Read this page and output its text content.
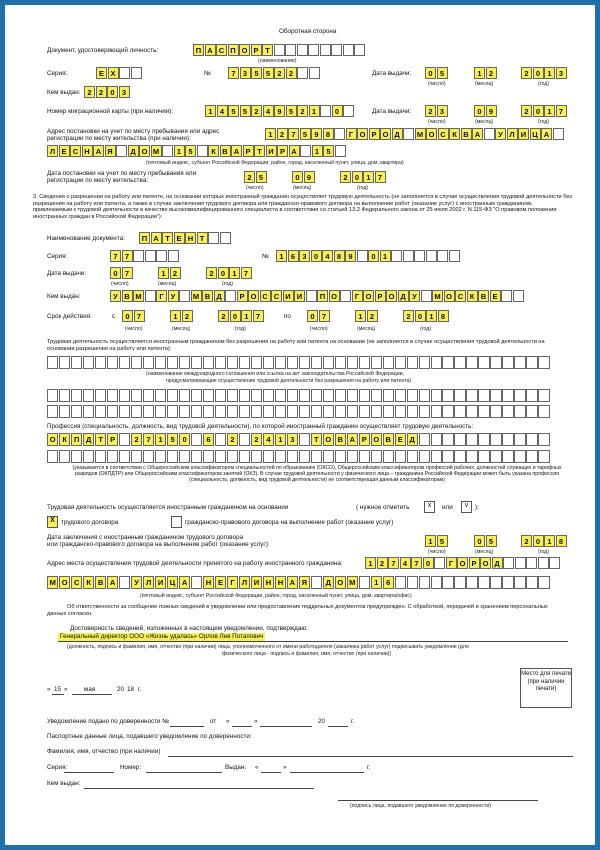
Оборотная сторона
Документ, удостоверяющий личность:	П А С П О Р Т
(наименование)
Серия:	Е Х	№	7 3 5 5 2 2	Дата выдачи:	0 5	1 2	2 0 1 3
(число)	(месяц)	(год)
Кем выдан: 2 2 0 3
Номер миграционной карты (при наличии):	1 4 5 5 2 4 9 5 2 1	0	Дата выдачи:	2 3	0 9	2 0 1 7
(число)	(месяц)	(год)
Адрес постановки на учет по месту пребывания или адрес
регистрации по месту жительства (при наличии):	1 2 7 5 9 8	Г О Р О Д	М О С К В А	У Л И Ц А
Л Е С Н А Я	Д О М	1 5	К В А Р Т И Р А	1 5
(почтовый индекс, субъект Российской Федерации, район, город, населенный пункт, улица, дом, квартира)
Дата постановки на учет по месту пребывания или
регистрации по месту жительства:	2 5	0 9	2 0 1 7
(число)	(месяц)	(год)
3. Сведения о разрешении на работу или патенте, на основании которых иностранный гражданин осуществляет трудовую деятельность (не заполняется в случае осуществления трудовой деятельности без разрешения на работу или патента, а также в случае заключения трудового договора или гражданско-правового договора на выполнение работ (оказание услуг) с иностранным гражданином, привлекаемым к трудовой деятельности в качестве высококвалифицированного специалиста в соответствии со статьей 13.2 Федерального закона от 25 июля 2002 г. N 115-ФЗ "О правовом положении иностранных граждан в Российской Федерации"):
Наименование документа:	П А Т Е Н Т
Серия:	7 7	№	1 6 3 0 4 8 9	0 1
Дата выдачи:	0 7	1 2	2 0 1 7
(число)	(месяц)	(год)
Кем выдан:	У В М	Г У	М В Д	Р О С С И И	П О	Г О Р О Д У	М О С К В Е
Срок действия:	с	0 7	1 2	2 0 1 7	по	0 7	1 2	2 0 1 8
(число)	(месяц)	(год)	(число)	(месяц)	(год)
Трудовая деятельность осуществляется иностранным гражданином без разрешения на работу или патента на основании (не заполняется в случае осуществления трудовой деятельности на основании разрешения на работу или патента):
(наименование международного соглашения или ссылка на акт законодательства Российской Федерации,
предусматривающие осуществление трудовой деятельности без разрешения на работу или патента)
Профессия (специальность, должность, вид трудовой деятельности), по которой иностранный гражданин осуществляет трудовую деятельность:
О К П Д Т Р	2	7	1	5	0	6	2	2	4	1	3	Т О В А Р О В Е Д
(указывается в соответствии с Общероссийским классификатором специальностей по образованию (ОКСО), Общероссийским классификатором профессий рабочих, должностей служащих и тарифных разрядов (ОКПДТР) или Общероссийским классификатором занятий (ОКЗ). В случае трудовой деятельности у физического лица – гражданина Российской Федерации может быть указана профессия (специальность, должность, вид трудовой деятельности) не соответствующая данным классификаторам)
Трудовая деятельность осуществляется иностранным гражданином на основании	( нужное отметить	x	или	v	):
X трудового договора	гражданско-правового договора на выполнение работ (оказание услуг)
Дата заключения с иностранным гражданином трудового договора
или гражданско-правового договора на выполнение работ (оказание услуг):	1 5	0 5	2 0 1 8
(число)	(месяц)	(год)
Адрес места осуществления трудовой деятельности принятого на работу иностранного гражданина:	1 2 7 4 7 0	Г О Р О Д
М О С К В А	У Л И Ц А	Н Е Г Л И Н Н А Я	Д О М	1	6
(почтовый индекс, субъект Российской Федерации, район, город, населенный пункт, улица, дом, квартира/офис)
Об ответственности за сообщение ложных сведений в уведомлении или предоставление поддельных документов предупрежден. С обработкой, передачей и хранением персональных данных согласен.
Достоверность сведений, изложенных в настоящем уведомлении, подтверждаю:
Генеральный директор ООО «Жизнь удалась» Орлов Лев Потапович
(должность, подпись и фамилия, имя, отчество (при наличии) лица, уполномоченного от имени работодателя (заказчика работ услуг) подписывать уведомление (для
физического лица - подпись и фамилия, имя, отчество (при наличии))
« 15 »	мая	20 18 г.
Место для печати (при наличии печати)
Уведомление подано по доверенности №	от «	»	20	г.
Паспортные данные лица, подавшего уведомление по доверенности:
Фамилия, имя, отчество (при наличии)
Серия:	Номер:	Выдан: «	»	г.
Кем выдан:
(подпись лица, подавшего уведомление по доверенности)
